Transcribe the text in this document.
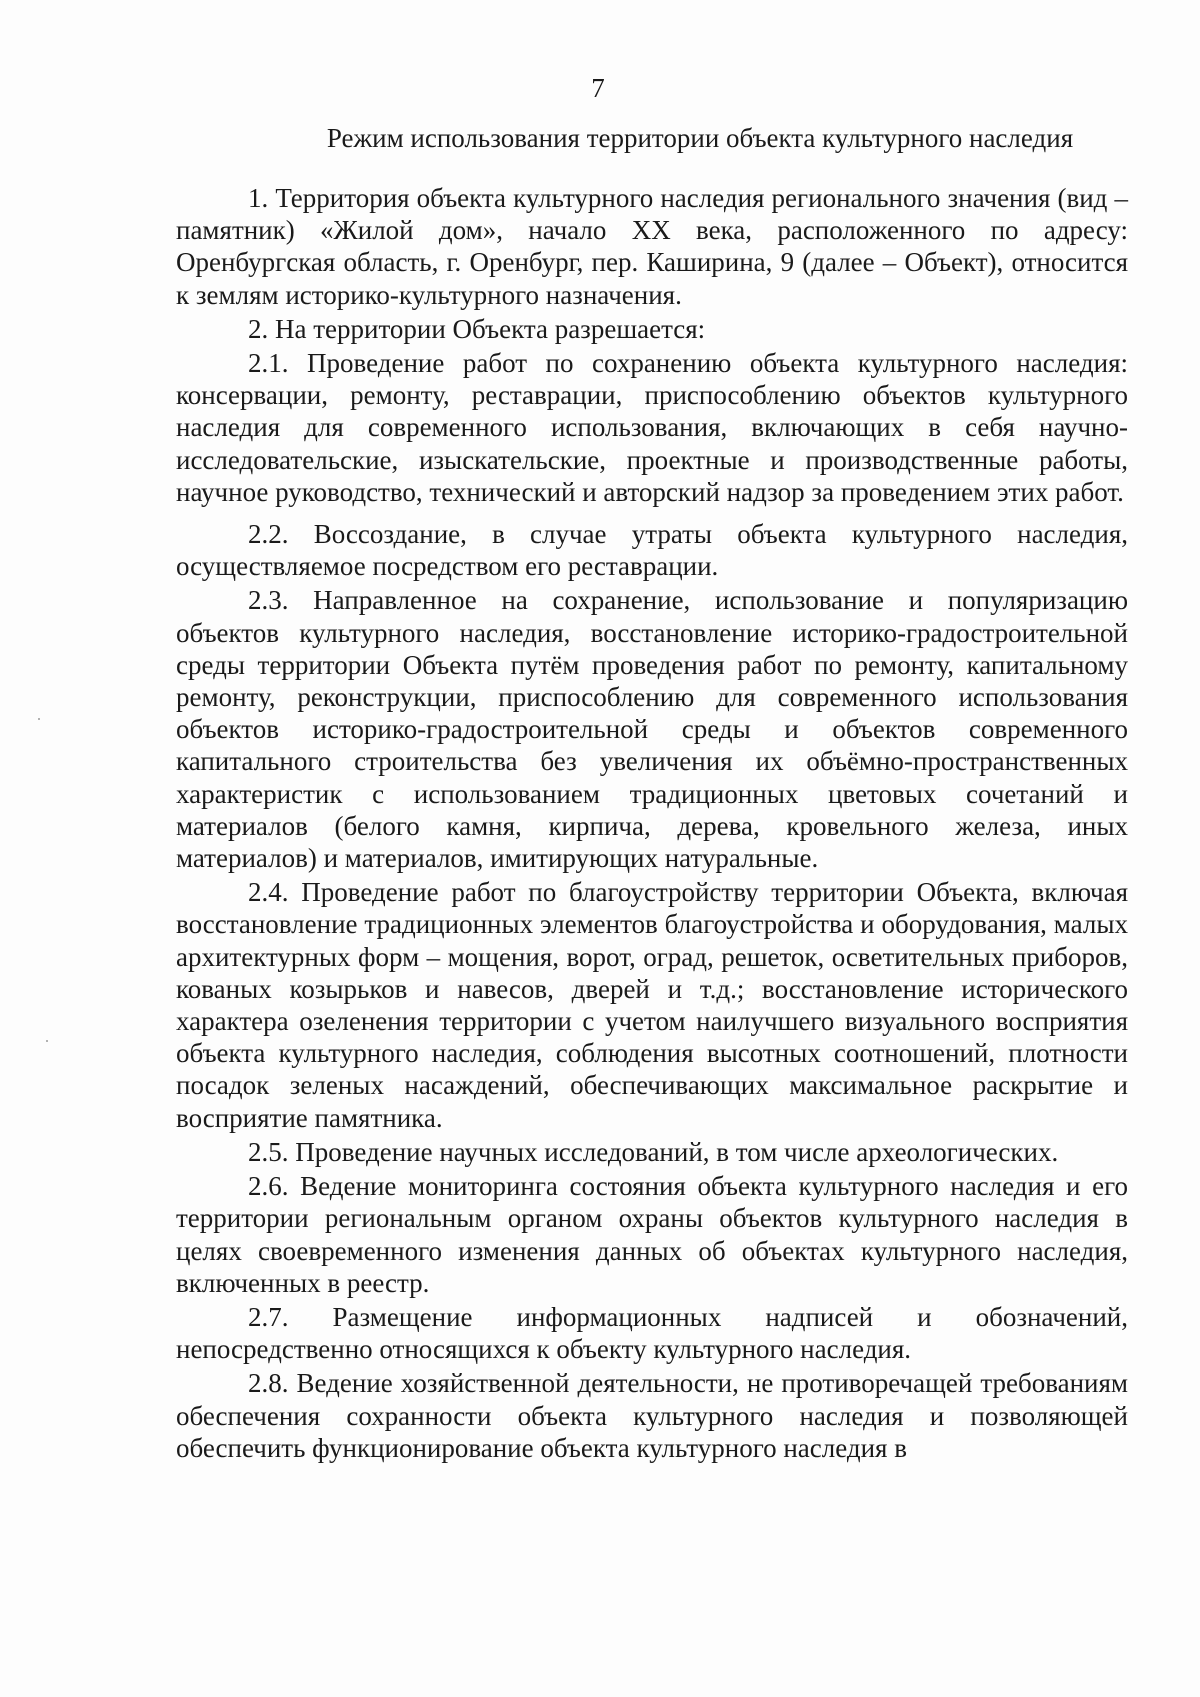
7
Режим использования территории объекта культурного наследия

1. Территория объекта культурного наследия регионального значения (вид – памятник) «Жилой дом», начало XX века, расположенного по адресу: Оренбургская область, г. Оренбург, пер. Каширина, 9 (далее – Объект), относится к землям историко-культурного назначения.

2. На территории Объекта разрешается:

2.1. Проведение работ по сохранению объекта культурного наследия: консервации, ремонту, реставрации, приспособлению объектов культурного наследия для современного использования, включающих в себя научно-исследовательские, изыскательские, проектные и производственные работы, научное руководство, технический и авторский надзор за проведением этих работ.

2.2. Воссоздание, в случае утраты объекта культурного наследия, осуществляемое посредством его реставрации.

2.3. Направленное на сохранение, использование и популяризацию объектов культурного наследия, восстановление историко-градостроительной среды территории Объекта путём проведения работ по ремонту, капитальному ремонту, реконструкции, приспособлению для современного использования объектов историко-градостроительной среды и объектов современного капитального строительства без увеличения их объёмно-пространственных характеристик с использованием традиционных цветовых сочетаний и материалов (белого камня, кирпича, дерева, кровельного железа, иных материалов) и материалов, имитирующих натуральные.

2.4. Проведение работ по благоустройству территории Объекта, включая восстановление традиционных элементов благоустройства и оборудования, малых архитектурных форм – мощения, ворот, оград, решеток, осветительных приборов, кованых козырьков и навесов, дверей и т.д.; восстановление исторического характера озеленения территории с учетом наилучшего визуального восприятия объекта культурного наследия, соблюдения высотных соотношений, плотности посадок зеленых насаждений, обеспечивающих максимальное раскрытие и восприятие памятника.

2.5. Проведение научных исследований, в том числе археологических.

2.6. Ведение мониторинга состояния объекта культурного наследия и его территории региональным органом охраны объектов культурного наследия в целях своевременного изменения данных об объектах культурного наследия, включенных в реестр.

2.7. Размещение информационных надписей и обозначений, непосредственно относящихся к объекту культурного наследия.

2.8. Ведение хозяйственной деятельности, не противоречащей требованиям обеспечения сохранности объекта культурного наследия и позволяющей обеспечить функционирование объекта культурного наследия в
